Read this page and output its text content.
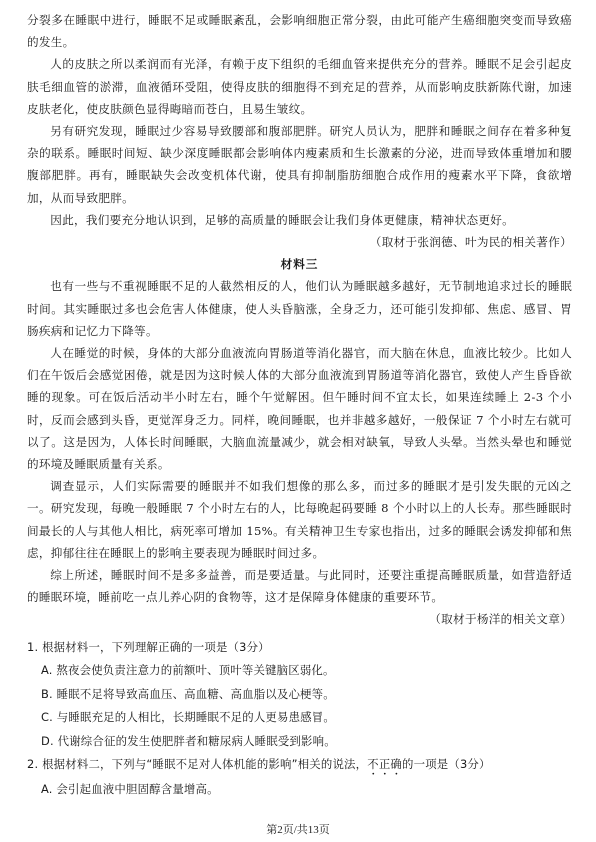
分裂多在睡眠中进行，睡眠不足或睡眠紊乱，会影响细胞正常分裂，由此可能产生癌细胞突变而导致癌的发生。

人的皮肤之所以柔润而有光泽，有赖于皮下组织的毛细血管来提供充分的营养。睡眠不足会引起皮肤毛细血管的淤滞，血液循环受阻，使得皮肤的细胞得不到充足的营养，从而影响皮肤新陈代谢，加速皮肤老化，使皮肤颜色显得晦暗而苍白，且易生皱纹。

另有研究发现，睡眠过少容易导致腰部和腹部肥胖。研究人员认为，肥胖和睡眠之间存在着多种复杂的联系。睡眠时间短、缺少深度睡眠都会影响体内瘦素质和生长激素的分泌，进而导致体重增加和腰腹部肥胖。再有，睡眠缺失会改变机体代谢，使具有抑制脂肪细胞合成作用的瘦素水平下降，食欲增加，从而导致肥胖。

因此，我们要充分地认识到，足够的高质量的睡眠会让我们身体更健康，精神状态更好。

（取材于张润德、叶为民的相关著作）

材料三

也有一些与不重视睡眠不足的人截然相反的人，他们认为睡眠越多越好，无节制地追求过长的睡眠时间。其实睡眠过多也会危害人体健康，使人头昏脑涨，全身乏力，还可能引发抑郁、焦虑、感冒、胃肠疾病和记忆力下降等。

人在睡觉的时候，身体的大部分血液流向胃肠道等消化器官，而大脑在休息，血液比较少。比如人们在午饭后会感觉困倦，就是因为这时候人体的大部分血液流到胃肠道等消化器官，致使人产生昏昏欲睡的现象。可在饭后活动半小时左右，睡个午觉解困。但午睡时间不宜太长，如果连续睡上 2-3 个小时，反而会感到头昏，更觉浑身乏力。同样，晚间睡眠，也并非越多越好，一般保证 7 个小时左右就可以了。这是因为，人体长时间睡眠，大脑血流量减少，就会相对缺氧，导致人头晕。当然头晕也和睡觉的环境及睡眠质量有关系。

调查显示，人们实际需要的睡眠并不如我们想像的那么多，而过多的睡眠才是引发失眠的元凶之一。研究发现，每晚一般睡眠 7 个小时左右的人，比每晚起码要睡 8 个小时以上的人长寿。那些睡眠时间最长的人与其他人相比，病死率可增加 15%。有关精神卫生专家也指出，过多的睡眠会诱发抑郁和焦虑，抑郁往往在睡眠上的影响主要表现为睡眠时间过多。

综上所述，睡眠时间不是多多益善，而是要适量。与此同时，还要注重提高睡眠质量，如营造舒适的睡眠环境，睡前吃一点儿养心阴的食物等，这才是保障身体健康的重要环节。

（取材于杨洋的相关文章）

1. 根据材料一，下列理解正确的一项是（3分）

A. 熬夜会使负责注意力的前额叶、顶叶等关键脑区弱化。

B. 睡眠不足将导致高血压、高血糖、高血脂以及心梗等。

C. 与睡眠充足的人相比，长期睡眠不足的人更易患感冒。

D. 代谢综合征的发生使肥胖者和糖尿病人睡眠受到影响。

2. 根据材料二，下列与“睡眠不足对人体机能的影响”相关的说法，不正确的一项是（3分）

A. 会引起血液中胆固醇含量增高。

第2页/共13页
